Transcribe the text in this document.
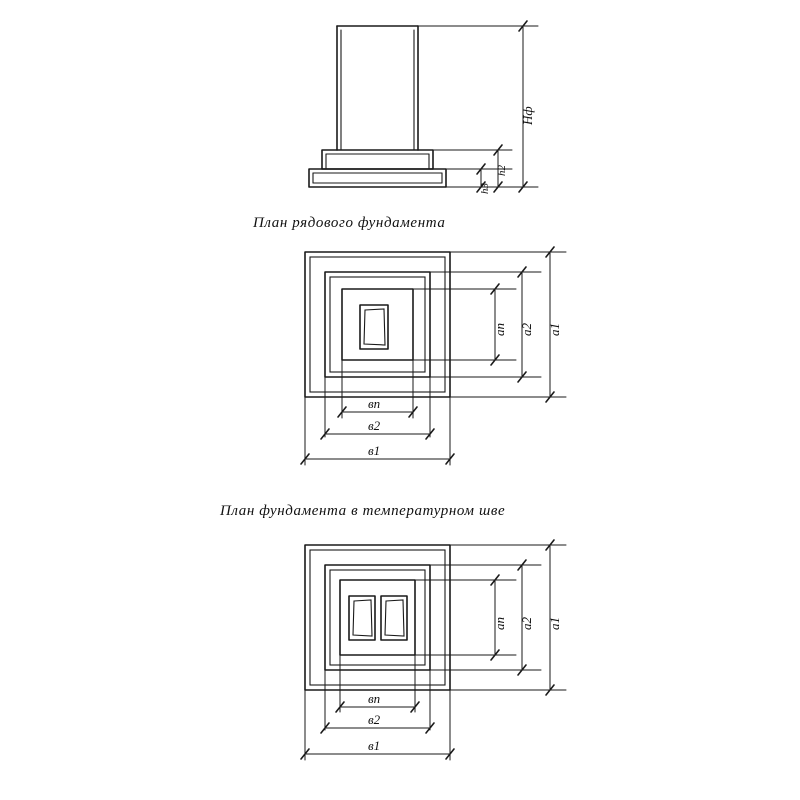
Нф
h2
h3
План рядового фундамента
ап а2 а1
вп
в2
в1
План фундамента в температурном шве
ап а2 а1
вп
в2
в1
